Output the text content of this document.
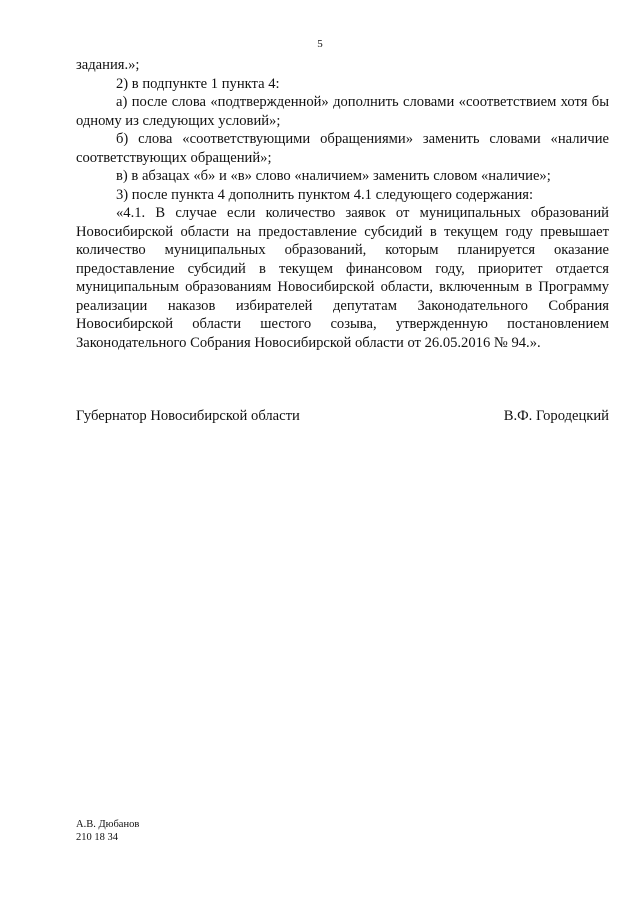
5

задания.»;

2) в подпункте 1 пункта 4:

а) после слова «подтвержденной» дополнить словами «соответствием хотя бы одному из следующих условий»;

б) слова «соответствующими обращениями» заменить словами «наличие соответствующих обращений»;

в) в абзацах «б» и «в» слово «наличием» заменить словом «наличие»;

3) после пункта 4 дополнить пунктом 4.1 следующего содержания:

«4.1. В случае если количество заявок от муниципальных образований Новосибирской области на предоставление субсидий в текущем году превышает количество муниципальных образований, которым планируется оказание предоставление субсидий в текущем финансовом году, приоритет отдается муниципальным образованиям Новосибирской области, включенным в Программу реализации наказов избирателей депутатам Законодательного Собрания Новосибирской области шестого созыва, утвержденную постановлением Законодательного Собрания Новосибирской области от 26.05.2016 № 94.».

Губернатор Новосибирской области	В.Ф. Городецкий
А.В. Дюбанов
210 18 34
